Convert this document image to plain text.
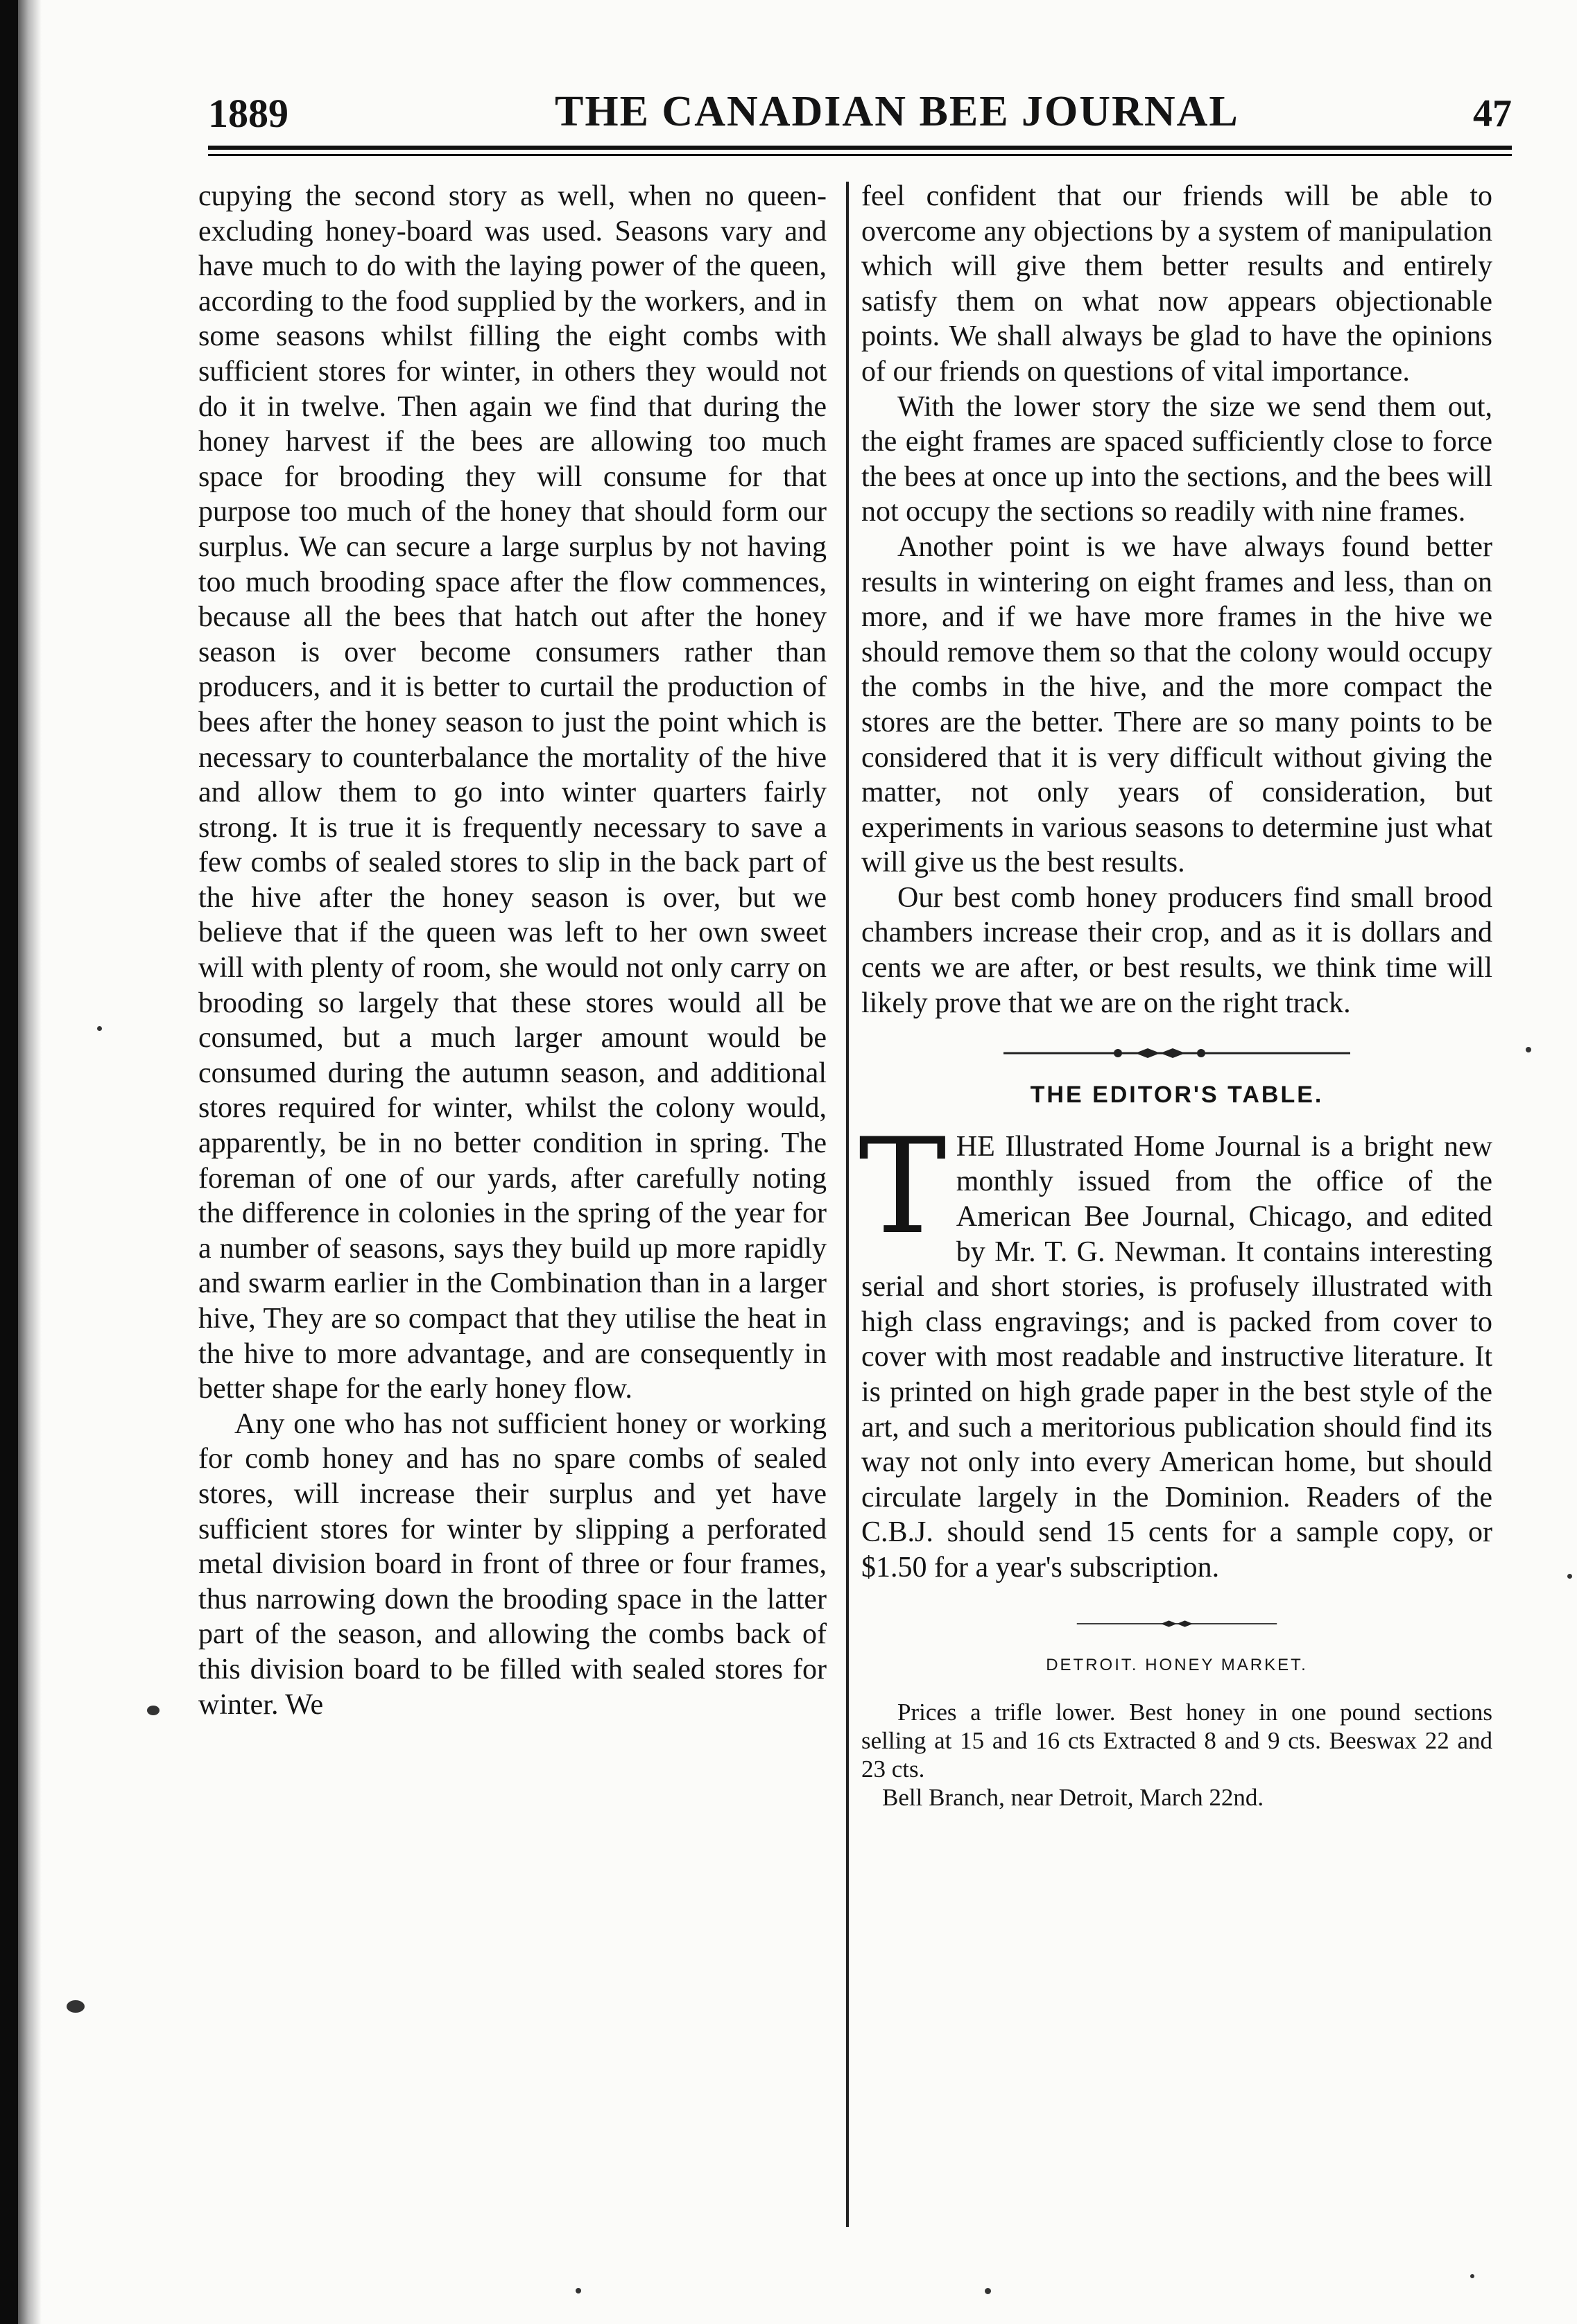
1889	THE CANADIAN BEE JOURNAL	47

cupying the second story as well, when no queen-excluding honey-board was used. Seasons vary and have much to do with the laying power of the queen, according to the food supplied by the workers, and in some seasons whilst filling the eight combs with sufficient stores for winter, in others they would not do it in twelve. Then again we find that during the honey harvest if the bees are allowing too much space for brooding they will consume for that purpose too much of the honey that should form our surplus. We can secure a large surplus by not having too much brooding space after the flow commences, because all the bees that hatch out after the honey season is over become consumers rather than producers, and it is better to curtail the production of bees after the honey season to just the point which is necessary to counterbalance the mortality of the hive and allow them to go into winter quarters fairly strong. It is true it is frequently necessary to save a few combs of sealed stores to slip in the back part of the hive after the honey season is over, but we believe that if the queen was left to her own sweet will with plenty of room, she would not only carry on brooding so largely that these stores would all be consumed, but a much larger amount would be consumed during the autumn season, and additional stores required for winter, whilst the colony would, apparently, be in no better condition in spring. The foreman of one of our yards, after carefully noting the difference in colonies in the spring of the year for a number of seasons, says they build up more rapidly and swarm earlier in the Combination than in a larger hive, They are so compact that they utilise the heat in the hive to more advantage, and are consequently in better shape for the early honey flow.

Any one who has not sufficient honey or working for comb honey and has no spare combs of sealed stores, will increase their surplus and yet have sufficient stores for winter by slipping a perforated metal division board in front of three or four frames, thus narrowing down the brooding space in the latter part of the season, and allowing the combs back of this division board to be filled with sealed stores for winter. We

feel confident that our friends will be able to overcome any objections by a system of manipulation which will give them better results and entirely satisfy them on what now appears objectionable points. We shall always be glad to have the opinions of our friends on questions of vital importance.

With the lower story the size we send them out, the eight frames are spaced sufficiently close to force the bees at once up into the sections, and the bees will not occupy the sections so readily with nine frames.

Another point is we have always found better results in wintering on eight frames and less, than on more, and if we have more frames in the hive we should remove them so that the colony would occupy the combs in the hive, and the more compact the stores are the better. There are so many points to be considered that it is very difficult without giving the matter, not only years of consideration, but experiments in various seasons to determine just what will give us the best results.

Our best comb honey producers find small brood chambers increase their crop, and as it is dollars and cents we are after, or best results, we think time will likely prove that we are on the right track.

THE EDITOR'S TABLE.
T HE Illustrated Home Journal is a bright new monthly issued from the office of the American Bee Journal, Chicago, and edited by Mr. T. G. Newman. It contains interesting serial and short stories, is profusely illustrated with high class engravings; and is packed from cover to cover with most readable and instructive literature. It is printed on high grade paper in the best style of the art, and such a meritorious publication should find its way not only into every American home, but should circulate largely in the Dominion. Readers of the C.B.J. should send 15 cents for a sample copy, or $1.50 for a year's subscription.
DETROIT. HONEY MARKET.

Prices a trifle lower. Best honey in one pound sections selling at 15 and 16 cts Extracted 8 and 9 cts. Beeswax 22 and 23 cts.

Bell Branch, near Detroit, March 22nd.
